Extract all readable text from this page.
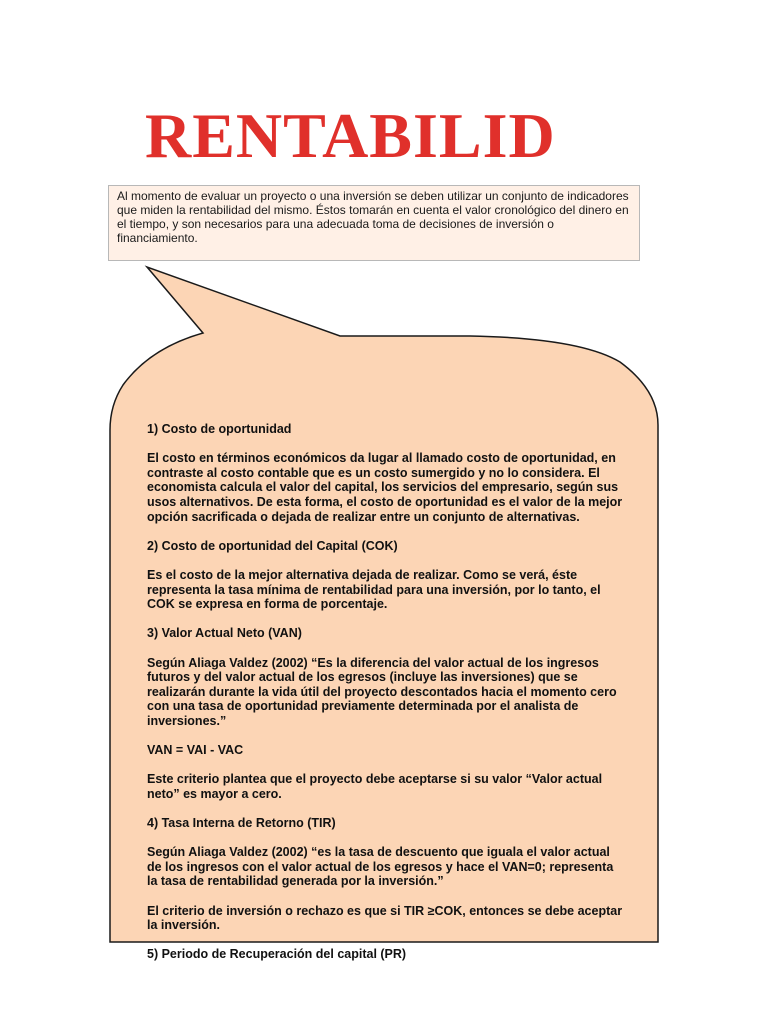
RENTABILID
Al momento de evaluar un proyecto o una inversión se deben utilizar un conjunto de indicadores que miden la rentabilidad del mismo. Éstos tomarán en cuenta el valor cronológico del dinero en el tiempo, y son necesarios para una adecuada toma de decisiones de inversión o financiamiento.

1) Costo de oportunidad

El costo en términos económicos da lugar al llamado costo de oportunidad, en contraste al costo contable que es un costo sumergido y no lo considera. El economista calcula el valor del capital, los servicios del empresario, según sus usos alternativos. De esta forma, el costo de oportunidad es el valor de la mejor opción sacrificada o dejada de realizar entre un conjunto de alternativas.

2) Costo de oportunidad del Capital (COK)

Es el costo de la mejor alternativa dejada de realizar. Como se verá, éste representa la tasa mínima de rentabilidad para una inversión, por lo tanto, el COK se expresa en forma de porcentaje.

3) Valor Actual Neto (VAN)

Según Aliaga Valdez (2002) “Es la diferencia del valor actual de los ingresos futuros y del valor actual de los egresos (incluye las inversiones) que se realizarán durante la vida útil del proyecto descontados hacia el momento cero con una tasa de oportunidad previamente determinada por el analista de inversiones.”

VAN = VAI - VAC

Este criterio plantea que el proyecto debe aceptarse si su valor “Valor actual neto” es mayor a cero.

4) Tasa Interna de Retorno (TIR)

Según Aliaga Valdez (2002) “es la tasa de descuento que iguala el valor actual de los ingresos con el valor actual de los egresos y hace el VAN=0; representa la tasa de rentabilidad generada por la inversión.”

El criterio de inversión o rechazo es que si TIR ≥COK, entonces se debe aceptar la inversión.

5) Periodo de Recuperación del capital (PR)
